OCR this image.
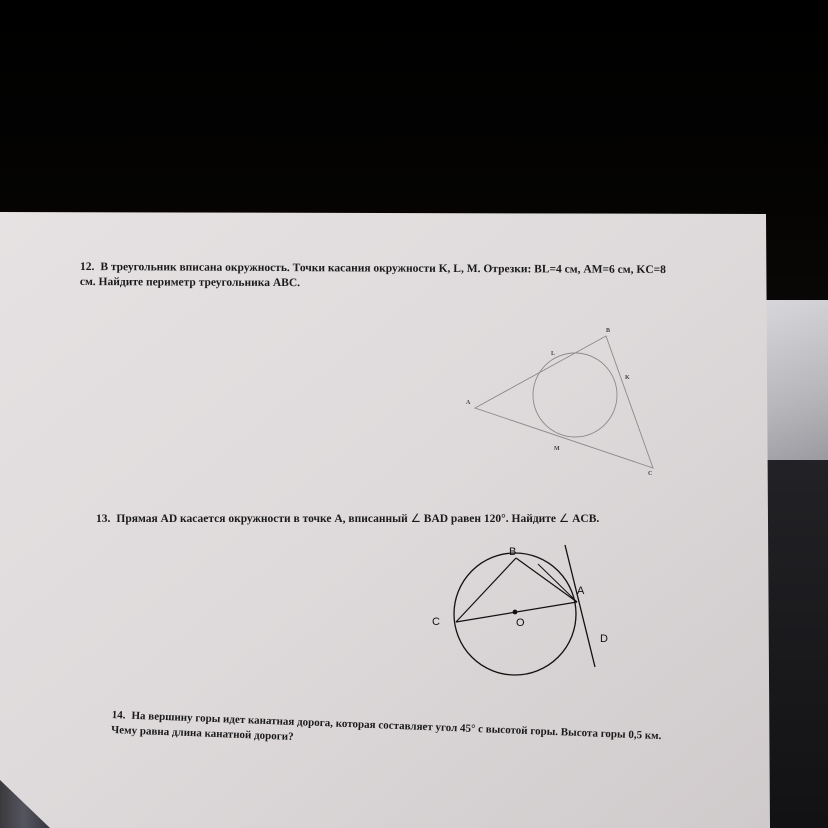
12. В треугольник вписана окружность. Точки касания окружности K, L, M. Отрезки: BL=4 см, AM=6 см, KC=8 см. Найдите периметр треугольника ABC.
A
B
C
K
L
M
13. Прямая AD касается окружности в точке A, вписанный ∠ BAD равен 120°. Найдите ∠ ACB.
B
A
C	O
D
14. На вершину горы идет канатная дорога, которая составляет угол 45° с высотой горы. Высота горы 0,5 км. Чему равна длина канатной дороги?
